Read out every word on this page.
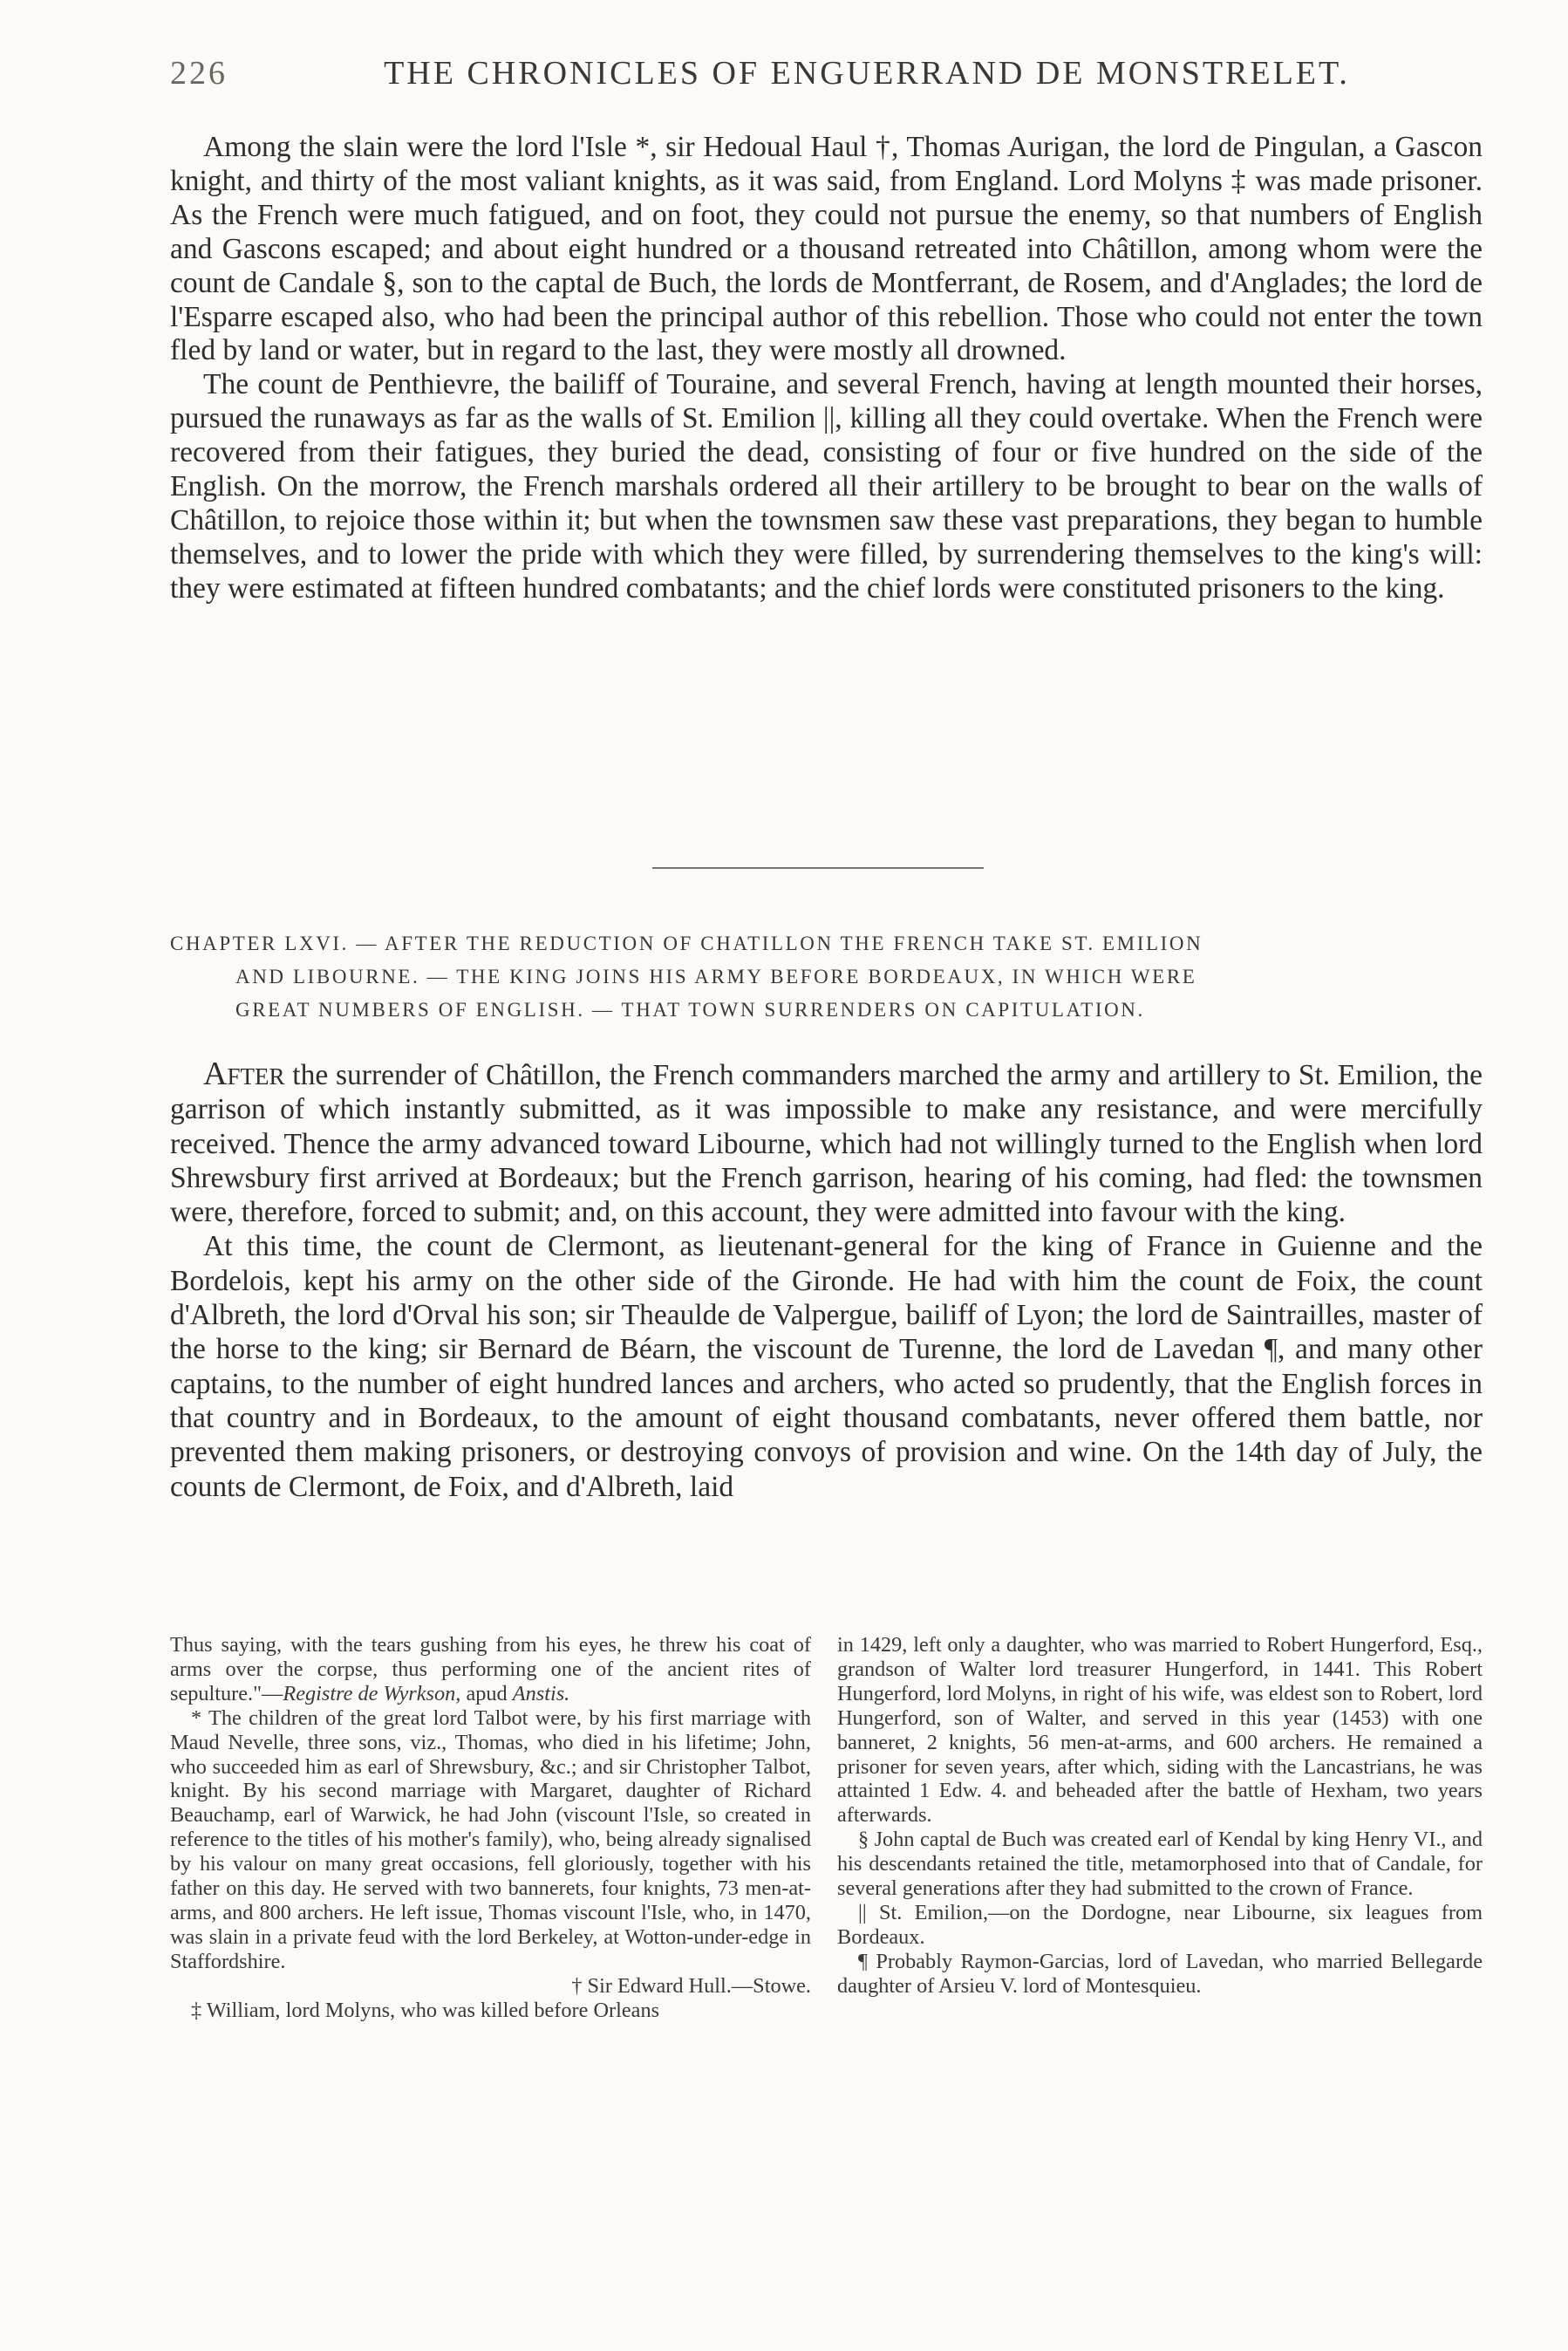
226	THE CHRONICLES OF ENGUERRAND DE MONSTRELET.

Among the slain were the lord l'Isle *, sir Hedoual Haul †, Thomas Aurigan, the lord de Pingulan, a Gascon knight, and thirty of the most valiant knights, as it was said, from England. Lord Molyns ‡ was made prisoner. As the French were much fatigued, and on foot, they could not pursue the enemy, so that numbers of English and Gascons escaped; and about eight hundred or a thousand retreated into Châtillon, among whom were the count de Candale §, son to the captal de Buch, the lords de Montferrant, de Rosem, and d'Anglades; the lord de l'Esparre escaped also, who had been the principal author of this rebellion. Those who could not enter the town fled by land or water, but in regard to the last, they were mostly all drowned.

The count de Penthievre, the bailiff of Touraine, and several French, having at length mounted their horses, pursued the runaways as far as the walls of St. Emilion ||, killing all they could overtake. When the French were recovered from their fatigues, they buried the dead, consisting of four or five hundred on the side of the English. On the morrow, the French marshals ordered all their artillery to be brought to bear on the walls of Châtillon, to rejoice those within it; but when the townsmen saw these vast preparations, they began to humble themselves, and to lower the pride with which they were filled, by surrendering themselves to the king's will: they were estimated at fifteen hundred combatants; and the chief lords were constituted prisoners to the king.

CHAPTER LXVI. — AFTER THE REDUCTION OF CHATILLON THE FRENCH TAKE ST. EMILION
AND LIBOURNE. — THE KING JOINS HIS ARMY BEFORE BORDEAUX, IN WHICH WERE
GREAT NUMBERS OF ENGLISH. — THAT TOWN SURRENDERS ON CAPITULATION.

After the surrender of Châtillon, the French commanders marched the army and artillery to St. Emilion, the garrison of which instantly submitted, as it was impossible to make any resistance, and were mercifully received. Thence the army advanced toward Libourne, which had not willingly turned to the English when lord Shrewsbury first arrived at Bordeaux; but the French garrison, hearing of his coming, had fled: the townsmen were, therefore, forced to submit; and, on this account, they were admitted into favour with the king.

At this time, the count de Clermont, as lieutenant-general for the king of France in Guienne and the Bordelois, kept his army on the other side of the Gironde. He had with him the count de Foix, the count d'Albreth, the lord d'Orval his son; sir Theaulde de Valpergue, bailiff of Lyon; the lord de Saintrailles, master of the horse to the king; sir Bernard de Béarn, the viscount de Turenne, the lord de Lavedan ¶, and many other captains, to the number of eight hundred lances and archers, who acted so prudently, that the English forces in that country and in Bordeaux, to the amount of eight thousand combatants, never offered them battle, nor prevented them making prisoners, or destroying convoys of provision and wine. On the 14th day of July, the counts de Clermont, de Foix, and d'Albreth, laid

Thus saying, with the tears gushing from his eyes, he threw his coat of arms over the corpse, thus performing one of the ancient rites of sepulture."—Registre de Wyrkson, apud Anstis.

* The children of the great lord Talbot were, by his first marriage with Maud Nevelle, three sons, viz., Thomas, who died in his lifetime; John, who succeeded him as earl of Shrewsbury, &c.; and sir Christopher Talbot, knight. By his second marriage with Margaret, daughter of Richard Beauchamp, earl of Warwick, he had John (viscount l'Isle, so created in reference to the titles of his mother's family), who, being already signalised by his valour on many great occasions, fell gloriously, together with his father on this day. He served with two bannerets, four knights, 73 men-at-arms, and 800 archers. He left issue, Thomas viscount l'Isle, who, in 1470, was slain in a private feud with the lord Berkeley, at Wotton-under-edge in Staffordshire.

† Sir Edward Hull.—Stowe.

‡ William, lord Molyns, who was killed before Orleans

in 1429, left only a daughter, who was married to Robert Hungerford, Esq., grandson of Walter lord treasurer Hungerford, in 1441. This Robert Hungerford, lord Molyns, in right of his wife, was eldest son to Robert, lord Hungerford, son of Walter, and served in this year (1453) with one banneret, 2 knights, 56 men-at-arms, and 600 archers. He remained a prisoner for seven years, after which, siding with the Lancastrians, he was attainted 1 Edw. 4. and beheaded after the battle of Hexham, two years afterwards.

§ John captal de Buch was created earl of Kendal by king Henry VI., and his descendants retained the title, metamorphosed into that of Candale, for several generations after they had submitted to the crown of France.

|| St. Emilion,—on the Dordogne, near Libourne, six leagues from Bordeaux.

¶ Probably Raymon-Garcias, lord of Lavedan, who married Bellegarde daughter of Arsieu V. lord of Montesquieu.
